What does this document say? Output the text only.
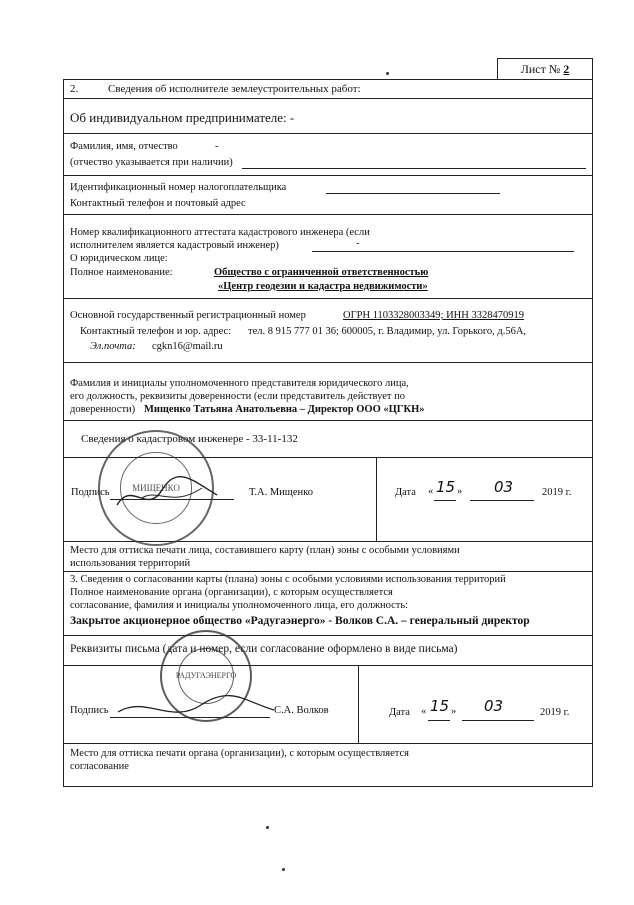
Лист № 2
2.	Сведения об исполнителе землеустроительных работ:
Об индивидуальном предпринимателе: -
Фамилия, имя, отчество	-
(отчество указывается при наличии)
Идентификационный номер налогоплательщика
Контактный телефон и почтовый адрес
Номер квалификационного аттестата кадастрового инженера (если
исполнителем является кадастровый инженер)	-
О юридическом лице:
Полное наименование:	Общество с ограниченной ответственностью
«Центр геодезии и кадастра недвижимости»
Основной государственный регистрационный номер	ОГРН 1103328003349; ИНН 3328470919
Контактный телефон и юр. адрес: тел. 8 915 777 01 36; 600005, г. Владимир, ул. Горького, д.56А,
Эл.почта: cgkn16@mail.ru
Фамилия и инициалы уполномоченного представителя юридического лица,
его должность, реквизиты доверенности (если представитель действует по
доверенности) Мищенко Татьяна Анатольевна – Директор ООО «ЦГКН»
Сведения о кадастровом инженере - 33-11-132
Подпись	Т.А. Мищенко	Дата « 15 » 03	2019 г.
Место для оттиска печати лица, составившего карту (план) зоны с особыми условиями
использования территорий
3. Сведения о согласовании карты (плана) зоны с особыми условиями использования территорий
Полное наименование органа (организации), с которым осуществляется
согласование, фамилия и инициалы уполномоченного лица, его должность:
Закрытое акционерное общество «Радугаэнерго» - Волков С.А. – генеральный директор
Реквизиты письма (дата и номер, если согласование оформлено в виде письма)
Подпись	С.А. Волков	Дата « 15 » 03	2019 г.
Место для оттиска печати органа (организации), с которым осуществляется
согласование
МИЩЕНКО
РАДУГАЭНЕРГО
